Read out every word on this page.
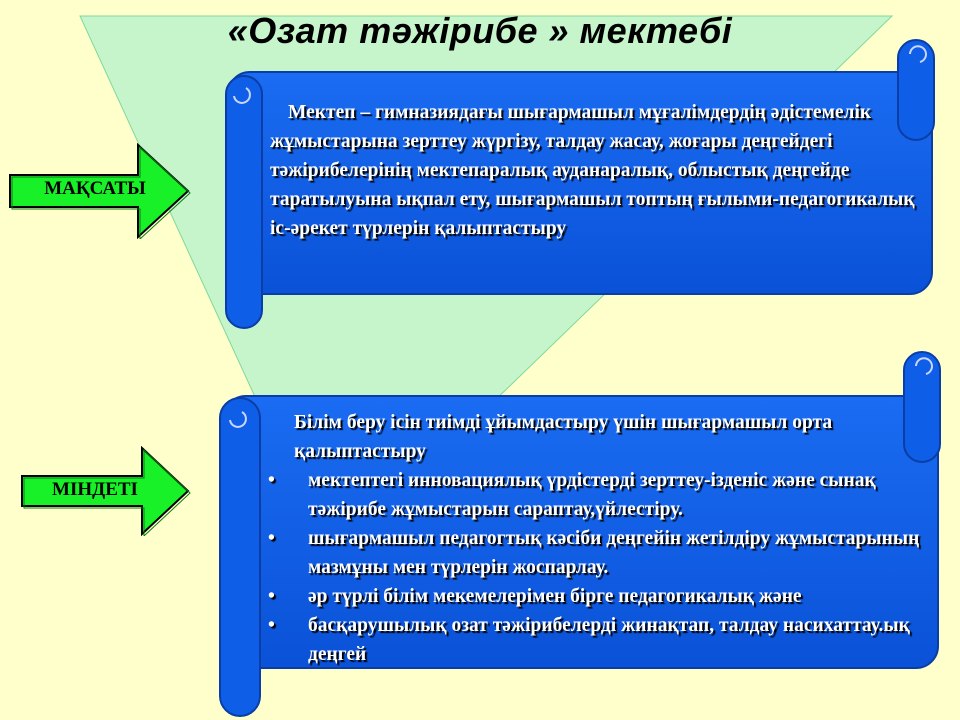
«Озат тәжірибе » мектебі
МАҚСАТЫ
МІНДЕТІ

Мектеп – гимназиядағы шығармашыл мұғалімдердің әдістемелік жұмыстарына зерттеу жүргізу, талдау жасау, жоғары деңгейдегі тәжірибелерінің мектепаралық ауданаралық, облыстық деңгейде таратылуына ықпал ету, шығармашыл топтың ғылыми-педагогикалық іс-әрекет түрлерін қалыптастыру

Білім беру ісін тиімді ұйымдастыру үшін шығармашыл орта қалыптастыру

•	мектептегі инновациялық үрдістерді зерттеу-ізденіс және сынақ тәжірибе жұмыстарын сараптау,үйлестіру.
•	шығармашыл педагогтық кәсіби деңгейін жетілдіру жұмыстарының мазмұны мен түрлерін жоспарлау.
•	әр түрлі білім мекемелерімен бірге педагогикалық және
•	басқарушылық озат тәжірибелерді жинақтап, талдау насихаттау.ық деңгей
